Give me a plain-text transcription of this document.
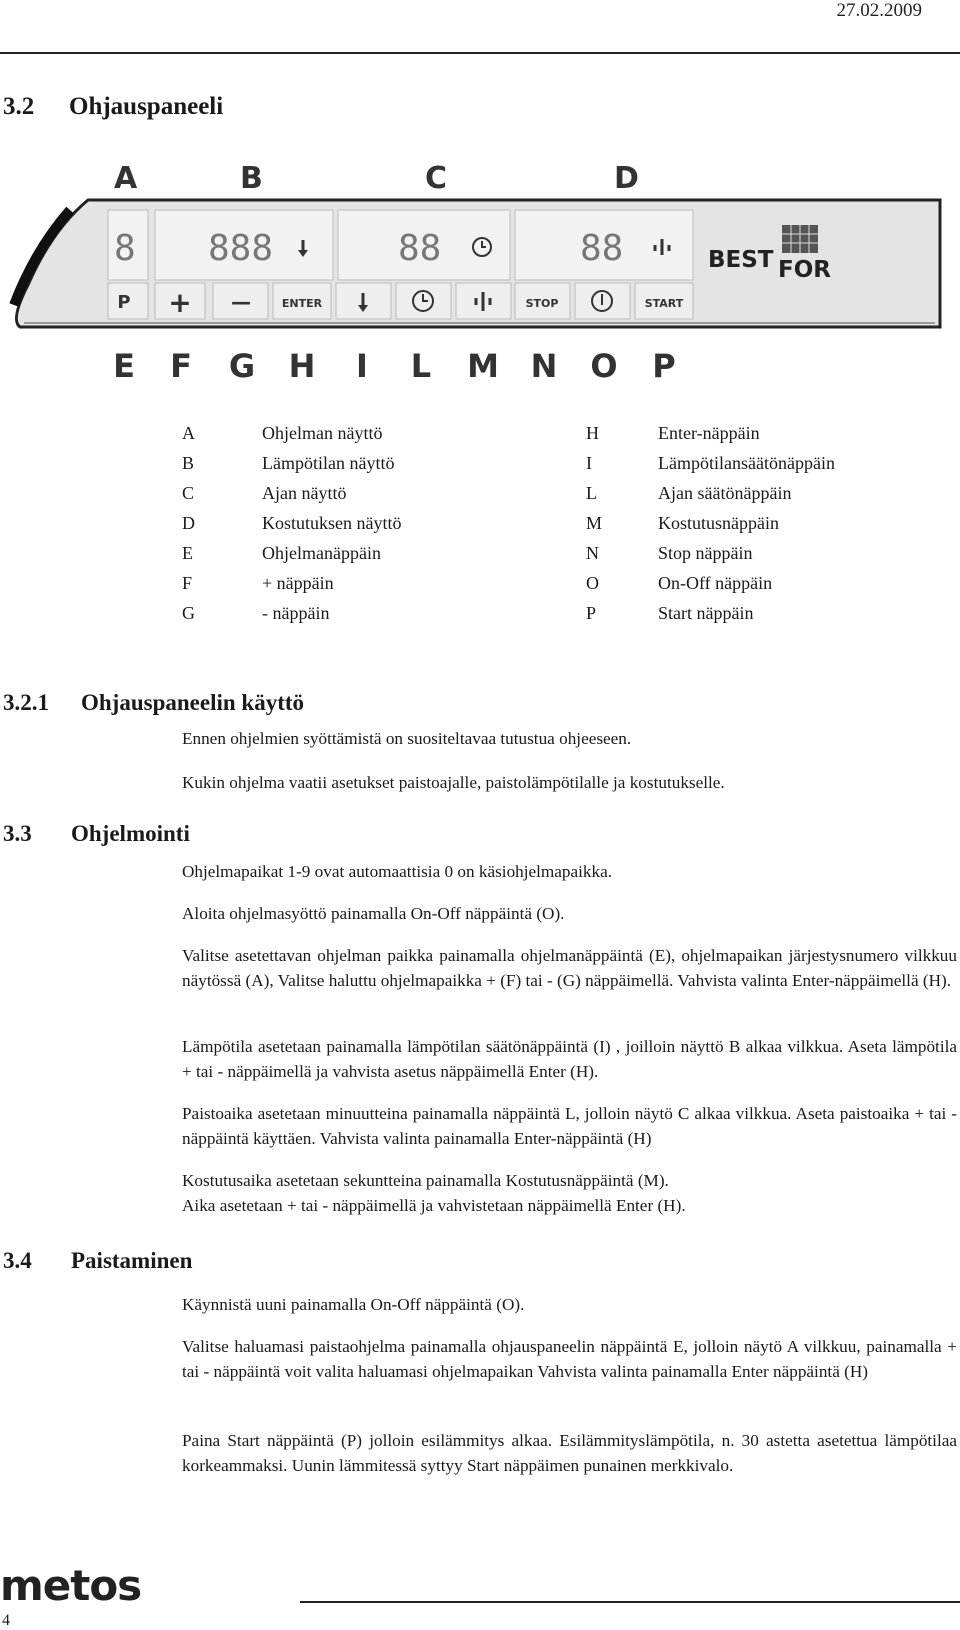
27.02.2009
3.2 Ohjauspaneeli
A	B	C	D
8 888	88	88	BEST FOR
P + —	ENTER	STOP	START
E F G H I L M N O P
A	Ohjelman näyttö	H	Enter-näppäin
B	Lämpötilan näyttö	I	Lämpötilansäätönäppäin
C	Ajan näyttö	L	Ajan säätönäppäin
D	Kostutuksen näyttö	M	Kostutusnäppäin
E	Ohjelmanäppäin	N	Stop näppäin
F	+ näppäin	O	On-Off näppäin
G	- näppäin	P	Start näppäin
3.2.1 Ohjauspaneelin käyttö

Ennen ohjelmien syöttämistä on suositeltavaa tutustua ohjeeseen.

Kukin ohjelma vaatii asetukset paistoajalle, paistolämpötilalle ja kostutukselle.

3.3 Ohjelmointi

Ohjelmapaikat 1-9 ovat automaattisia 0 on käsiohjelmapaikka.

Aloita ohjelmasyöttö painamalla On-Off näppäintä (O).

Valitse asetettavan ohjelman paikka painamalla ohjelmanäppäintä (E), ohjelmapaikan järjestysnumero vilkkuu näytössä (A), Valitse haluttu ohjelmapaikka + (F) tai - (G) näppäimellä. Vahvista valinta Enter-näppäimellä (H).

Lämpötila asetetaan painamalla lämpötilan säätönäppäintä (I) , joilloin näyttö B alkaa vilkkua. Aseta lämpötila + tai - näppäimellä ja vahvista asetus näppäimellä Enter (H).

Paistoaika asetetaan minuutteina painamalla näppäintä L, jolloin näytö C alkaa vilkkua. Aseta paistoaika + tai - näppäintä käyttäen. Vahvista valinta painamalla Enter-näppäintä (H)

Kostutusaika asetetaan sekuntteina painamalla Kostutusnäppäintä (M).

Aika asetetaan + tai - näppäimellä ja vahvistetaan näppäimellä Enter (H).

3.4 Paistaminen

Käynnistä uuni painamalla On-Off näppäintä (O).

Valitse haluamasi paistaohjelma painamalla ohjauspaneelin näppäintä E, jolloin näytö A vilkkuu, painamalla + tai - näppäintä voit valita haluamasi ohjelmapaikan Vahvista valinta painamalla Enter näppäintä (H)

Paina Start näppäintä (P) jolloin esilämmitys alkaa. Esilämmityslämpötila, n. 30 astetta asetettua lämpötilaa korkeammaksi. Uunin lämmitessä syttyy Start näppäimen punainen merkkivalo.

metos
4
